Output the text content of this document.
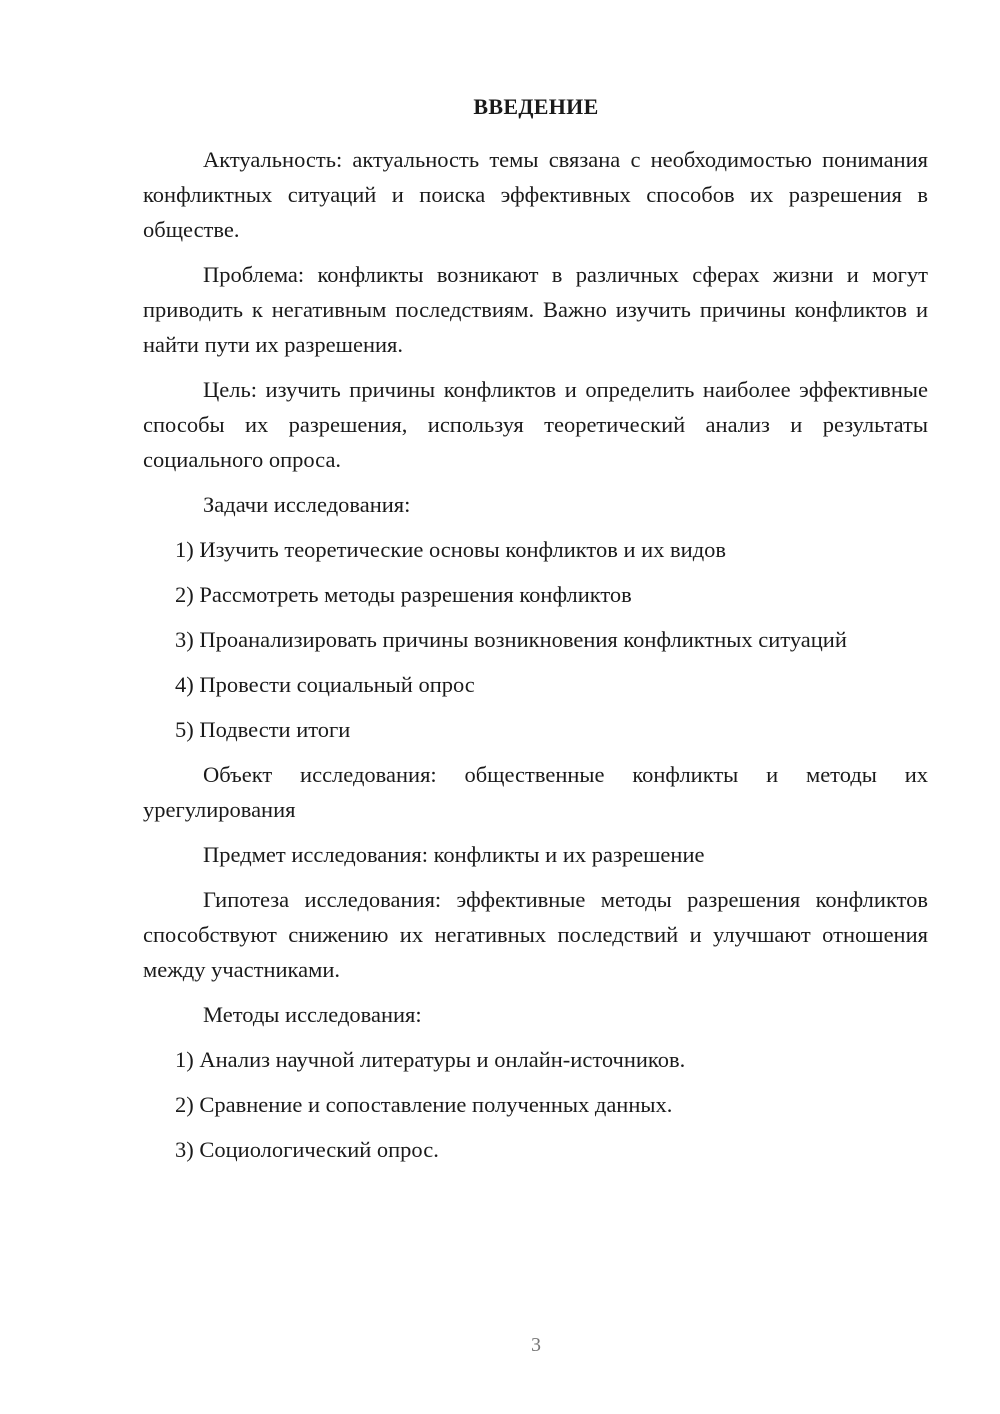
ВВЕДЕНИЕ

Актуальность: актуальность темы связана с необходимостью понимания конфликтных ситуаций и поиска эффективных способов их разрешения в обществе.

Проблема: конфликты возникают в различных сферах жизни и могут приводить к негативным последствиям. Важно изучить причины конфликтов и найти пути их разрешения.

Цель: изучить причины конфликтов и определить наиболее эффективные способы их разрешения, используя теоретический анализ и результаты социального опроса.

Задачи исследования:

1) Изучить теоретические основы конфликтов и их видов
2) Рассмотреть методы разрешения конфликтов
3) Проанализировать причины возникновения конфликтных ситуаций
4) Провести социальный опрос
5) Подвести итоги

Объект исследования: общественные конфликты и методы их урегулирования

Предмет исследования: конфликты и их разрешение

Гипотеза исследования: эффективные методы разрешения конфликтов способствуют снижению их негативных последствий и улучшают отношения между участниками.

Методы исследования:

1) Анализ научной литературы и онлайн-источников.
2) Сравнение и сопоставление полученных данных.
3) Социологический опрос.
3
